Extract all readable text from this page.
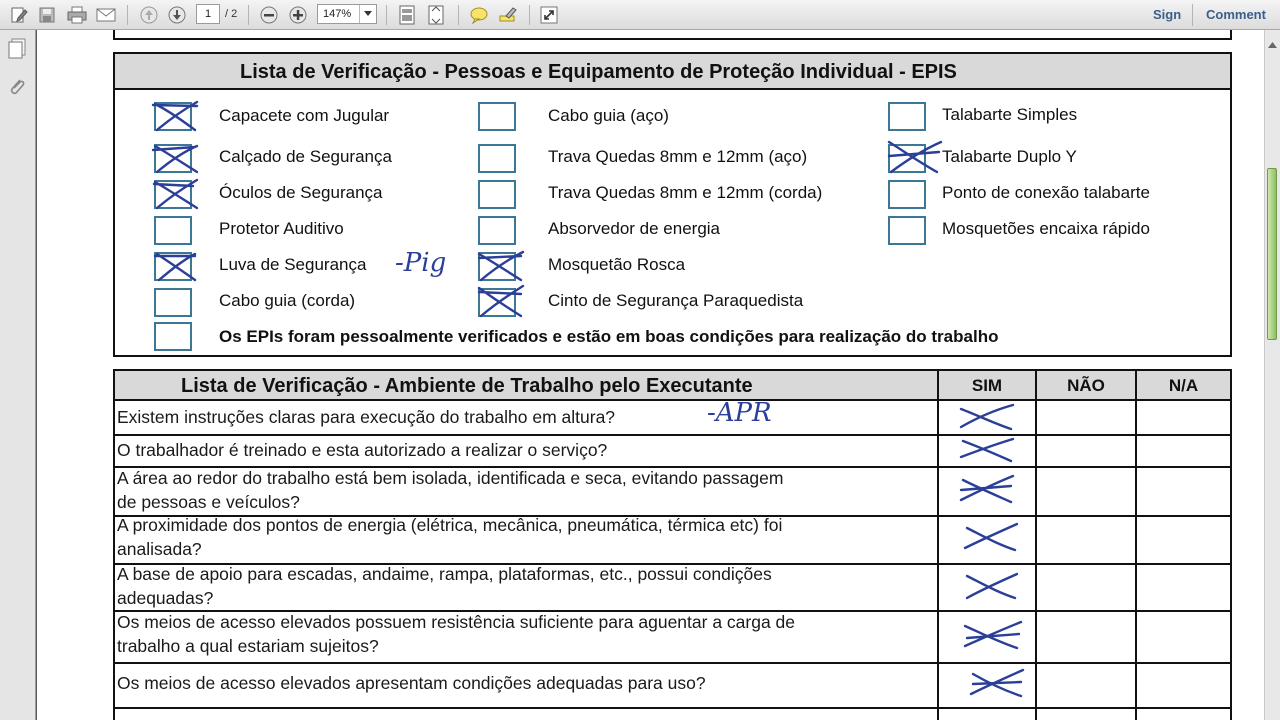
1	/ 2	147%	Sign Comment
Lista de Verificação - Pessoas e Equipamento de Proteção Individual - EPIS
Capacete com Jugular
Calçado de Segurança
Óculos de Segurança
Protetor Auditivo
Luva de Segurança
Cabo guia (corda)
Cabo guia (aço)
Trava Quedas 8mm e 12mm (aço)
Trava Quedas 8mm e 12mm (corda)
Absorvedor de energia
Mosquetão Rosca
Cinto de Segurança Paraquedista
Talabarte Simples
Talabarte Duplo Y
Ponto de conexão talabarte
Mosquetões encaixa rápido
Os EPIs foram pessoalmente verificados e estão em boas condições para realização do trabalho
-Pig
Lista de Verificação - Ambiente de Trabalho pelo Executante	SIM	NÃO	N/A
Existem instruções claras para execução do trabalho em altura?
O trabalhador é treinado e esta autorizado a realizar o serviço?
A área ao redor do trabalho está bem isolada, identificada e seca, evitando passagem
de pessoas e veículos?
A proximidade dos pontos de energia (elétrica, mecânica, pneumática, térmica etc) foi
analisada?
A base de apoio para escadas, andaime, rampa, plataformas, etc., possui condições
adequadas?
Os meios de acesso elevados possuem resistência suficiente para aguentar a carga de
trabalho a qual estariam sujeitos?
Os meios de acesso elevados apresentam condições adequadas para uso?
-APR
